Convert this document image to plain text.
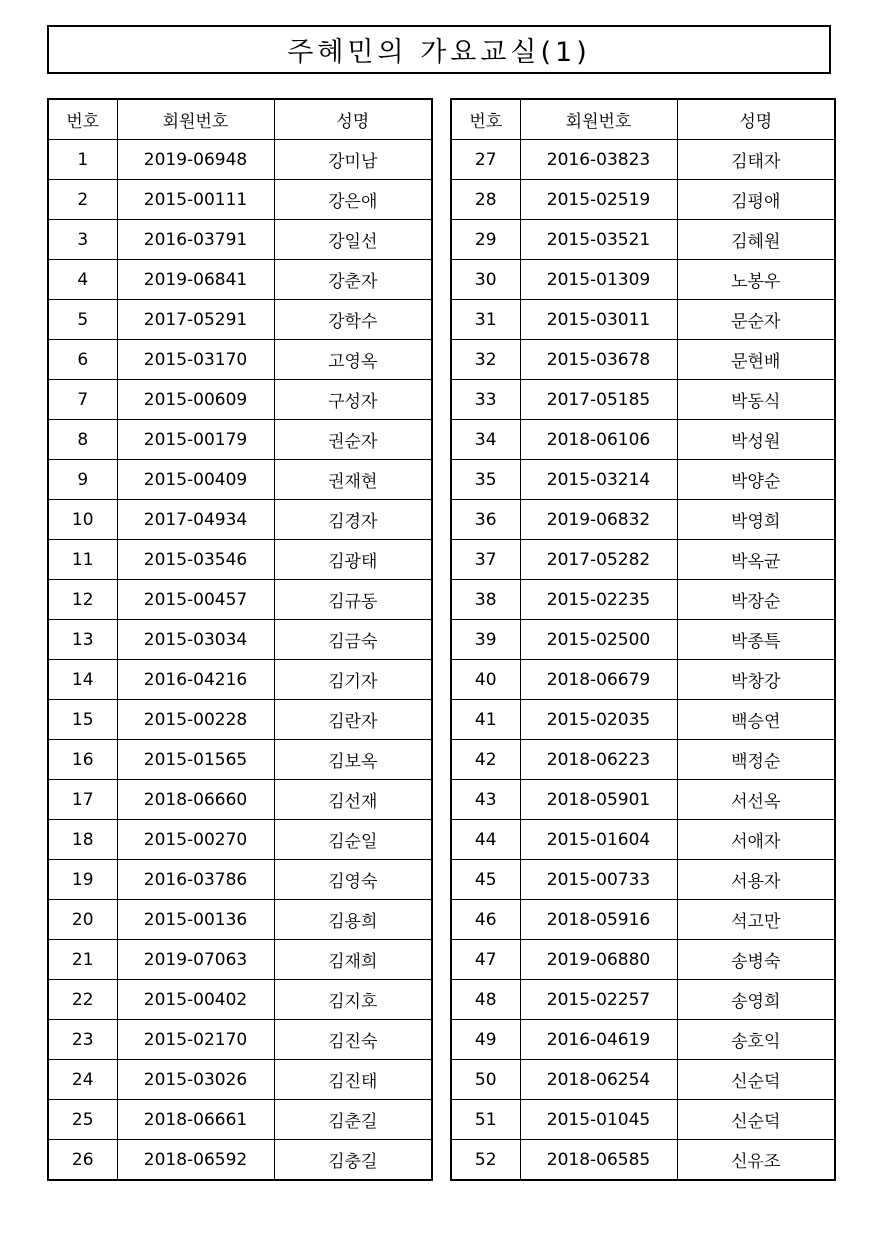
주혜민의 가요교실(1)
번호	회원번호	성명
1	2019-06948	강미남
2	2015-00111	강은애
3	2016-03791	강일선
4	2019-06841	강춘자
5	2017-05291	강학수
6	2015-03170	고영옥
7	2015-00609	구성자
8	2015-00179	권순자
9	2015-00409	권재현
10	2017-04934	김경자
11	2015-03546	김광태
12	2015-00457	김규동
13	2015-03034	김금숙
14	2016-04216	김기자
15	2015-00228	김란자
16	2015-01565	김보옥
17	2018-06660	김선재
18	2015-00270	김순일
19	2016-03786	김영숙
20	2015-00136	김용희
21	2019-07063	김재희
22	2015-00402	김지호
23	2015-02170	김진숙
24	2015-03026	김진태
25	2018-06661	김춘길
26	2018-06592	김충길
번호	회원번호	성명
27	2016-03823	김태자
28	2015-02519	김평애
29	2015-03521	김혜원
30	2015-01309	노봉우
31	2015-03011	문순자
32	2015-03678	문현배
33	2017-05185	박동식
34	2018-06106	박성원
35	2015-03214	박양순
36	2019-06832	박영희
37	2017-05282	박옥균
38	2015-02235	박장순
39	2015-02500	박종특
40	2018-06679	박창강
41	2015-02035	백승연
42	2018-06223	백정순
43	2018-05901	서선옥
44	2015-01604	서애자
45	2015-00733	서용자
46	2018-05916	석고만
47	2019-06880	송병숙
48	2015-02257	송영희
49	2016-04619	송호익
50	2018-06254	신순덕
51	2015-01045	신순덕
52	2018-06585	신유조
